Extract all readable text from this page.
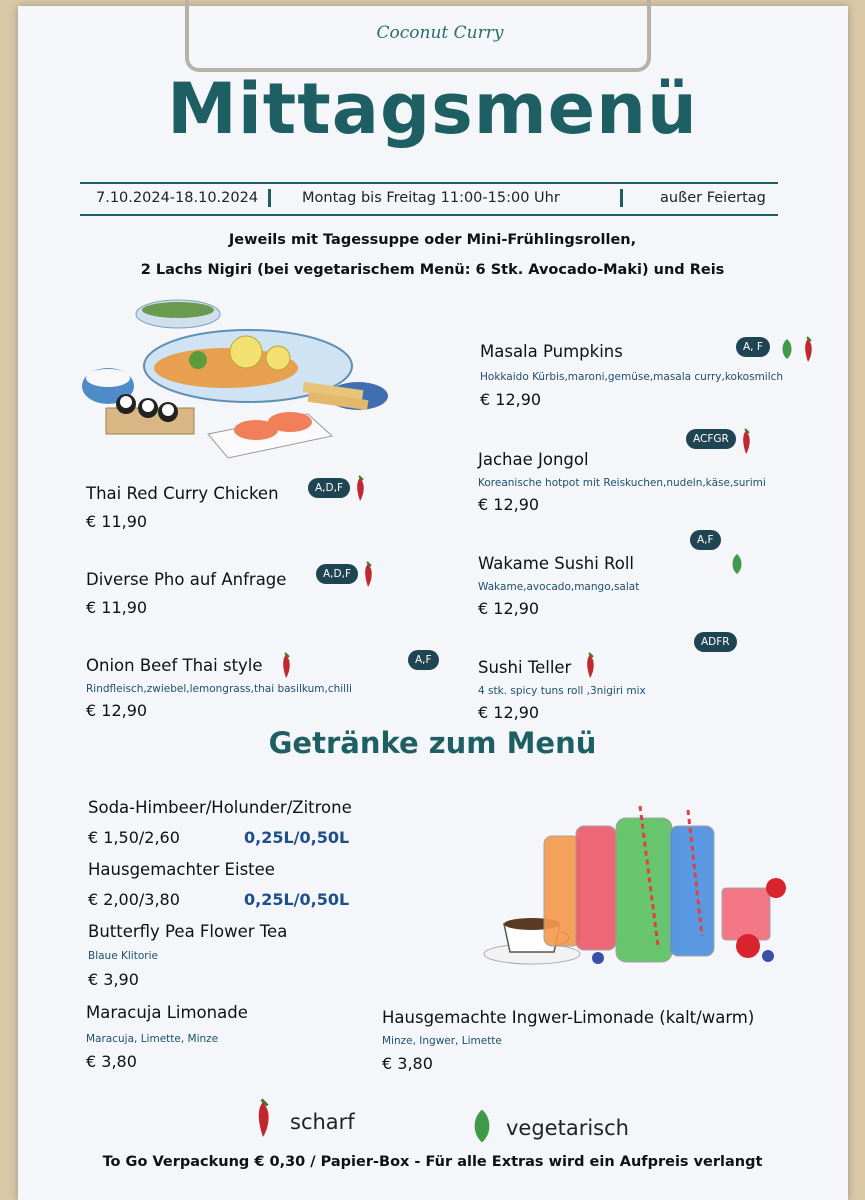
Coconut Curry
Mittagsmenü
7.10.2024-18.10.2024	Montag bis Freitag 11:00-15:00 Uhr	außer Feiertag
Jeweils mit Tagessuppe oder Mini-Frühlingsrollen,
2 Lachs Nigiri (bei vegetarischem Menü: 6 Stk. Avocado-Maki) und Reis
Thai Red Curry Chicken	A,D,F
€ 11,90
Diverse Pho auf Anfrage	A,D,F
€ 11,90
Onion Beef Thai style	A,F
Rindfleisch,zwiebel,lemongrass,thai basilkum,chilli
€ 12,90
Masala Pumpkins	A, F
Hokkaido Kürbis,maroni,gemüse,masala curry,kokosmilch
€ 12,90
ACFGR
Jachae Jongol
Koreanische hotpot mit Reiskuchen,nudeln,käse,surimi
€ 12,90
A,F
Wakame Sushi Roll
Wakame,avocado,mango,salat
€ 12,90
ADFR
Sushi Teller
4 stk. spicy tuns roll ,3nigiri mix
€ 12,90
Getränke zum Menü
Soda-Himbeer/Holunder/Zitrone
€ 1,50/2,60	0,25L/0,50L
Hausgemachter Eistee
€ 2,00/3,80	0,25L/0,50L
Butterfly Pea Flower Tea
Blaue Klitorie
€ 3,90
Maracuja Limonade
Maracuja, Limette, Minze
€ 3,80
Hausgemachte Ingwer-Limonade (kalt/warm)
Minze, Ingwer, Limette
€ 3,80
scharf	vegetarisch
To Go Verpackung € 0,30 / Papier-Box - Für alle Extras wird ein Aufpreis verlangt
